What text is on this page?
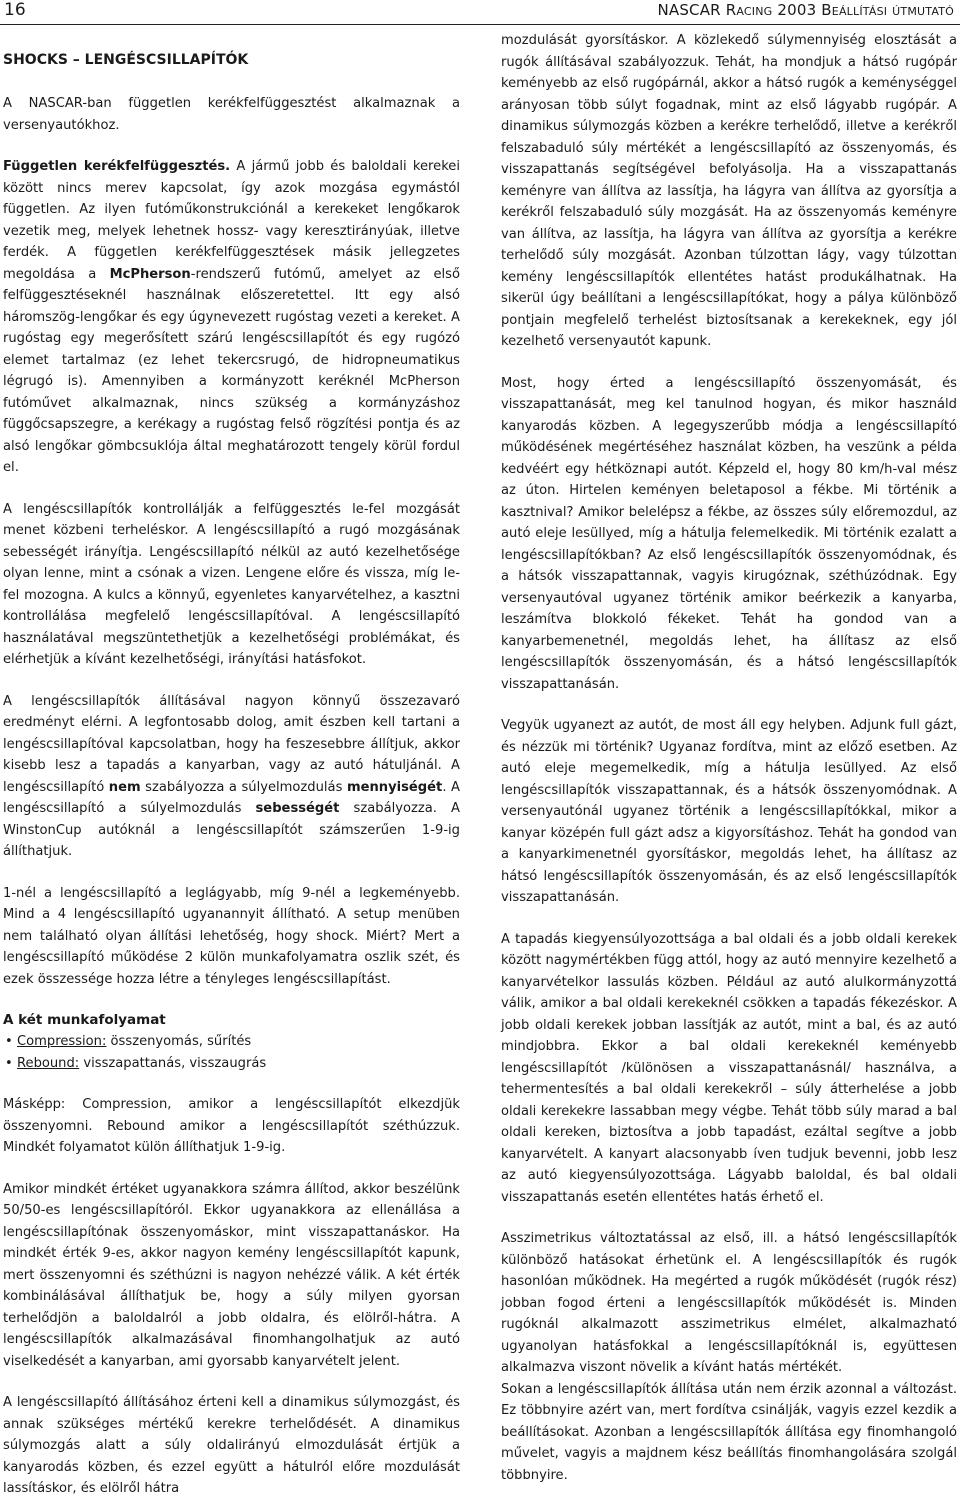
16	NASCAR Racing 2003 Beállítási útmutató
SHOCKS – LENGÉSCSILLAPÍTÓK

A NASCAR-ban független kerékfelfüggesztést alkalmaznak a versenyautókhoz.

Független kerékfelfüggesztés. A jármű jobb és baloldali kerekei között nincs merev kapcsolat, így azok mozgása egymástól független. Az ilyen futóműkonstrukciónál a kerekeket lengőkarok vezetik meg, melyek lehetnek hossz- vagy keresztirányúak, illetve ferdék. A független kerékfelfüggesztések másik jellegzetes megoldása a McPherson-rendszerű futómű, amelyet az első felfüggesztéseknél használnak előszeretettel. Itt egy alsó háromszög-lengőkar és egy úgynevezett rugóstag vezeti a kereket. A rugóstag egy megerősített szárú lengéscsillapítót és egy rugózó elemet tartalmaz (ez lehet tekercsrugó, de hidropneumatikus légrugó is). Amennyiben a kormányzott keréknél McPherson futóművet alkalmaznak, nincs szükség a kormányzáshoz függőcsapszegre, a kerékagy a rugóstag felső rögzítési pontja és az alsó lengőkar gömbcsuklója által meghatározott tengely körül fordul el.

A lengéscsillapítók kontrollálják a felfüggesztés le-fel mozgását menet közbeni terheléskor. A lengéscsillapító a rugó mozgásának sebességét irányítja. Lengéscsillapító nélkül az autó kezelhetősége olyan lenne, mint a csónak a vizen. Lengene előre és vissza, míg le-fel mozogna. A kulcs a könnyű, egyenletes kanyarvételhez, a kasztni kontrollálása megfelelő lengéscsillapítóval. A lengéscsillapító használatával megszüntethetjük a kezelhetőségi problémákat, és elérhetjük a kívánt kezelhetőségi, irányítási hatásfokot.

A lengéscsillapítók állításával nagyon könnyű összezavaró eredményt elérni. A legfontosabb dolog, amit észben kell tartani a lengéscsillapítóval kapcsolatban, hogy ha feszesebbre állítjuk, akkor kisebb lesz a tapadás a kanyarban, vagy az autó hátuljánál. A lengéscsillapító nem szabályozza a súlyelmozdulás mennyiségét. A lengéscsillapító a súlyelmozdulás sebességét szabályozza. A WinstonCup autóknál a lengéscsillapítót számszerűen 1-9-ig állíthatjuk.

1-nél a lengéscsillapító a leglágyabb, míg 9-nél a legkeményebb. Mind a 4 lengéscsillapító ugyanannyit állítható. A setup menüben nem található olyan állítási lehetőség, hogy shock. Miért? Mert a lengéscsillapító működése 2 külön munkafolyamatra oszlik szét, és ezek összessége hozza létre a tényleges lengéscsillapítást.

A két munkafolyamat
• Compression: összenyomás, sűrítés
• Rebound: visszapattanás, visszaugrás

Másképp: Compression, amikor a lengéscsillapítót elkezdjük összenyomni. Rebound amikor a lengéscsillapítót széthúzzuk. Mindkét folyamatot külön állíthatjuk 1-9-ig.

Amikor mindkét értéket ugyanakkora számra állítod, akkor beszélünk 50/50-es lengéscsillapítóról. Ekkor ugyanakkora az ellenállása a lengéscsillapítónak összenyomáskor, mint visszapattanáskor. Ha mindkét érték 9-es, akkor nagyon kemény lengéscsillapítót kapunk, mert összenyomni és széthúzni is nagyon nehézzé válik. A két érték kombinálásával állíthatjuk be, hogy a súly milyen gyorsan terhelődjön a baloldalról a jobb oldalra, és elölről-hátra. A lengéscsillapítók alkalmazásával finomhangolhatjuk az autó viselkedését a kanyarban, ami gyorsabb kanyarvételt jelent.

A lengéscsillapító állításához érteni kell a dinamikus súlymozgást, és annak szükséges mértékű kerekre terhelődését. A dinamikus súlymozgás alatt a súly oldalirányú elmozdulását értjük a kanyarodás közben, és ezzel együtt a hátulról előre mozdulását lassításkor, és elölről hátra

mozdulását gyorsításkor. A közlekedő súlymennyiség elosztását a rugók állításával szabályozzuk. Tehát, ha mondjuk a hátsó rugópár keményebb az első rugópárnál, akkor a hátsó rugók a keménységgel arányosan több súlyt fogadnak, mint az első lágyabb rugópár. A dinamikus súlymozgás közben a kerékre terhelődő, illetve a kerékről felszabaduló súly mértékét a lengéscsillapító az összenyomás, és visszapattanás segítségével befolyásolja. Ha a visszapattanás keményre van állítva az lassítja, ha lágyra van állítva az gyorsítja a kerékről felszabaduló súly mozgását. Ha az összenyomás keményre van állítva, az lassítja, ha lágyra van állítva az gyorsítja a kerékre terhelődő súly mozgását. Azonban túlzottan lágy, vagy túlzottan kemény lengéscsillapítók ellentétes hatást produkálhatnak. Ha sikerül úgy beállítani a lengéscsillapítókat, hogy a pálya különböző pontjain megfelelő terhelést biztosítsanak a kerekeknek, egy jól kezelhető versenyautót kapunk.

Most, hogy érted a lengéscsillapító összenyomását, és visszapattanását, meg kel tanulnod hogyan, és mikor használd kanyarodás közben. A legegyszerűbb módja a lengéscsillapító működésének megértéséhez használat közben, ha veszünk a példa kedvéért egy hétköznapi autót. Képzeld el, hogy 80 km/h-val mész az úton. Hirtelen keményen beletaposol a fékbe. Mi történik a kasztnival? Amikor belelépsz a fékbe, az összes súly előremozdul, az autó eleje lesüllyed, míg a hátulja felemelkedik. Mi történik ezalatt a lengéscsillapítókban? Az első lengéscsillapítók összenyomódnak, és a hátsók visszapattannak, vagyis kirugóznak, széthúzódnak. Egy versenyautóval ugyanez történik amikor beérkezik a kanyarba, leszámítva blokkoló fékeket. Tehát ha gondod van a kanyarbemenetnél, megoldás lehet, ha állítasz az első lengéscsillapítók összenyomásán, és a hátsó lengéscsillapítók visszapattanásán.

Vegyük ugyanezt az autót, de most áll egy helyben. Adjunk full gázt, és nézzük mi történik? Ugyanaz fordítva, mint az előző esetben. Az autó eleje megemelkedik, míg a hátulja lesüllyed. Az első lengéscsillapítók visszapattannak, és a hátsók összenyomódnak. A versenyautónál ugyanez történik a lengéscsillapítókkal, mikor a kanyar középén full gázt adsz a kigyorsításhoz. Tehát ha gondod van a kanyarkimenetnél gyorsításkor, megoldás lehet, ha állítasz az hátsó lengéscsillapítók összenyomásán, és az első lengéscsillapítók visszapattanásán.

A tapadás kiegyensúlyozottsága a bal oldali és a jobb oldali kerekek között nagymértékben függ attól, hogy az autó mennyire kezelhető a kanyarvételkor lassulás közben. Például az autó alulkormányzottá válik, amikor a bal oldali kerekeknél csökken a tapadás fékezéskor. A jobb oldali kerekek jobban lassítják az autót, mint a bal, és az autó mindjobbra. Ekkor a bal oldali kerekeknél keményebb lengéscsillapítót /különösen a visszapattanásnál/ használva, a tehermentesítés a bal oldali kerekekről – súly átterhelése a jobb oldali kerekekre lassabban megy végbe. Tehát több súly marad a bal oldali kereken, biztosítva a jobb tapadást, ezáltal segítve a jobb kanyarvételt. A kanyart alacsonyabb íven tudjuk bevenni, jobb lesz az autó kiegyensúlyozottsága. Lágyabb baloldal, és bal oldali visszapattanás esetén ellentétes hatás érhető el.

Asszimetrikus változtatással az első, ill. a hátsó lengéscsillapítók különböző hatásokat érhetünk el. A lengéscsillapítók és rugók hasonlóan működnek. Ha megérted a rugók működését (rugók rész) jobban fogod érteni a lengéscsillapítók működését is. Minden rugóknál alkalmazott asszimetrikus elmélet, alkalmazható ugyanolyan hatásfokkal a lengéscsillapítóknál is, együttesen alkalmazva viszont növelik a kívánt hatás mértékét.

Sokan a lengéscsillapítók állítása után nem érzik azonnal a változást. Ez többnyire azért van, mert fordítva csinálják, vagyis ezzel kezdik a beállításokat. Azonban a lengéscsillapítók állítása egy finomhangoló művelet, vagyis a majdnem kész beállítás finomhangolására szolgál többnyire.
